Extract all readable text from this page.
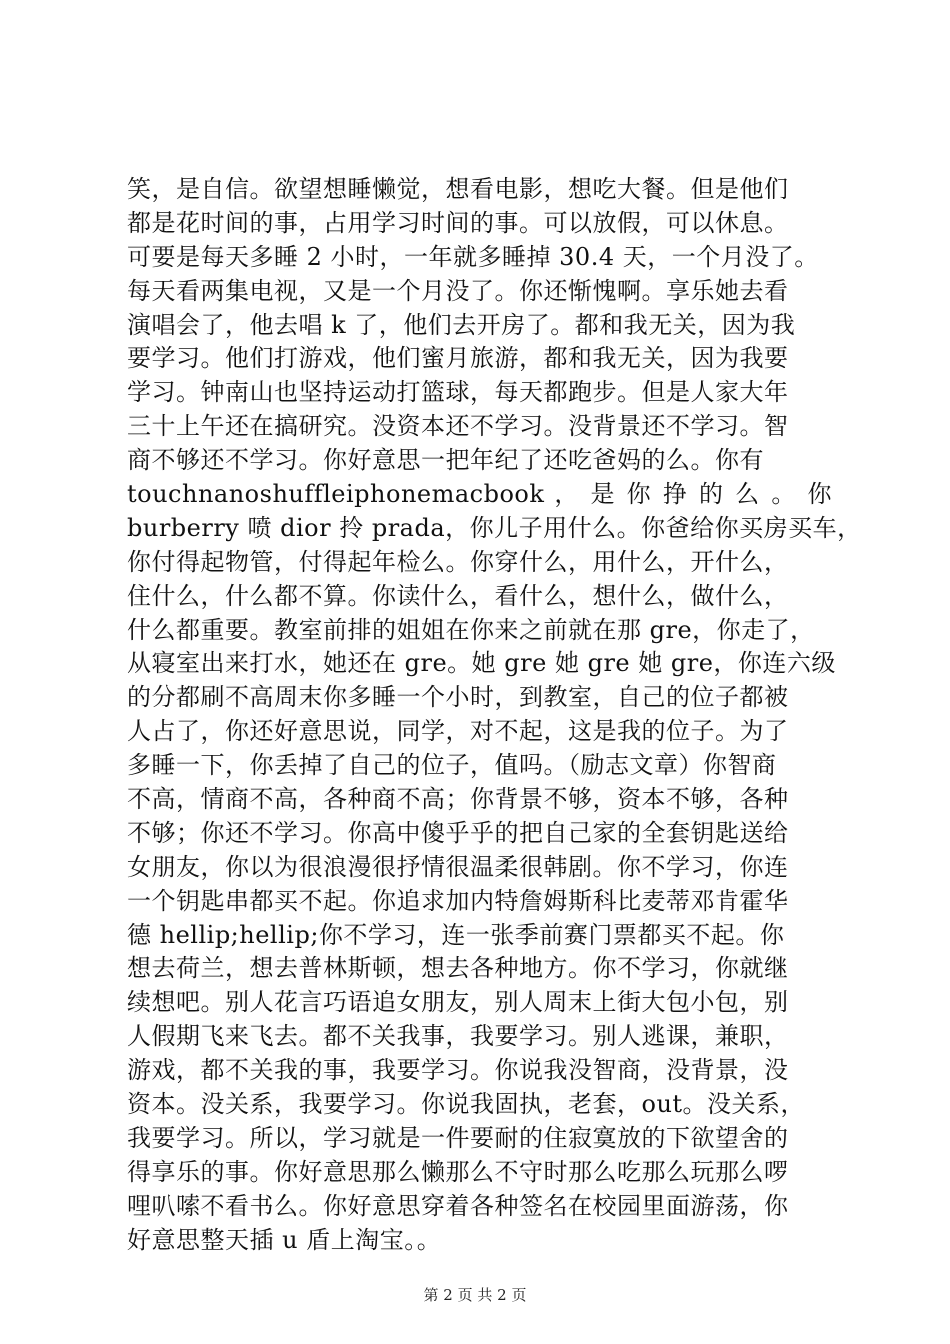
笑，是自信。欲望想睡懒觉，想看电影，想吃大餐。但是他们
都是花时间的事，占用学习时间的事。可以放假，可以休息。
可要是每天多睡 2 小时，一年就多睡掉 30.4 天，一个月没了。
每天看两集电视，又是一个月没了。你还惭愧啊。享乐她去看
演唱会了，他去唱 k 了，他们去开房了。都和我无关，因为我
要学习。他们打游戏，他们蜜月旅游，都和我无关，因为我要
学习。钟南山也坚持运动打篮球，每天都跑步。但是人家大年
三十上午还在搞研究。没资本还不学习。没背景还不学习。智
商不够还不学习。你好意思一把年纪了还吃爸妈的么。你有
touchnanoshuffleiphonemacbook ， 是 你 挣 的 么 。 你
burberry 喷 dior 拎 prada，你儿子用什么。你爸给你买房买车，
你付得起物管，付得起年检么。你穿什么，用什么，开什么，
住什么，什么都不算。你读什么，看什么，想什么，做什么，
什么都重要。教室前排的姐姐在你来之前就在那 gre，你走了，
从寝室出来打水，她还在 gre。她 gre 她 gre 她 gre，你连六级
的分都刷不高周末你多睡一个小时，到教室，自己的位子都被
人占了，你还好意思说，同学，对不起，这是我的位子。为了
多睡一下，你丢掉了自己的位子，值吗。（励志文章）你智商
不高，情商不高，各种商不高；你背景不够，资本不够，各种
不够；你还不学习。你高中傻乎乎的把自己家的全套钥匙送给
女朋友，你以为很浪漫很抒情很温柔很韩剧。你不学习，你连
一个钥匙串都买不起。你追求加内特詹姆斯科比麦蒂邓肯霍华
德 hellip;hellip;你不学习，连一张季前赛门票都买不起。你
想去荷兰，想去普林斯顿，想去各种地方。你不学习，你就继
续想吧。别人花言巧语追女朋友，别人周末上街大包小包，别
人假期飞来飞去。都不关我事，我要学习。别人逃课，兼职，
游戏，都不关我的事，我要学习。你说我没智商，没背景，没
资本。没关系，我要学习。你说我固执，老套，out。没关系，
我要学习。所以，学习就是一件要耐的住寂寞放的下欲望舍的
得享乐的事。你好意思那么懒那么不守时那么吃那么玩那么啰
哩叭嗦不看书么。你好意思穿着各种签名在校园里面游荡，你
好意思整天插 u 盾上淘宝。。
第 2 页 共 2 页
